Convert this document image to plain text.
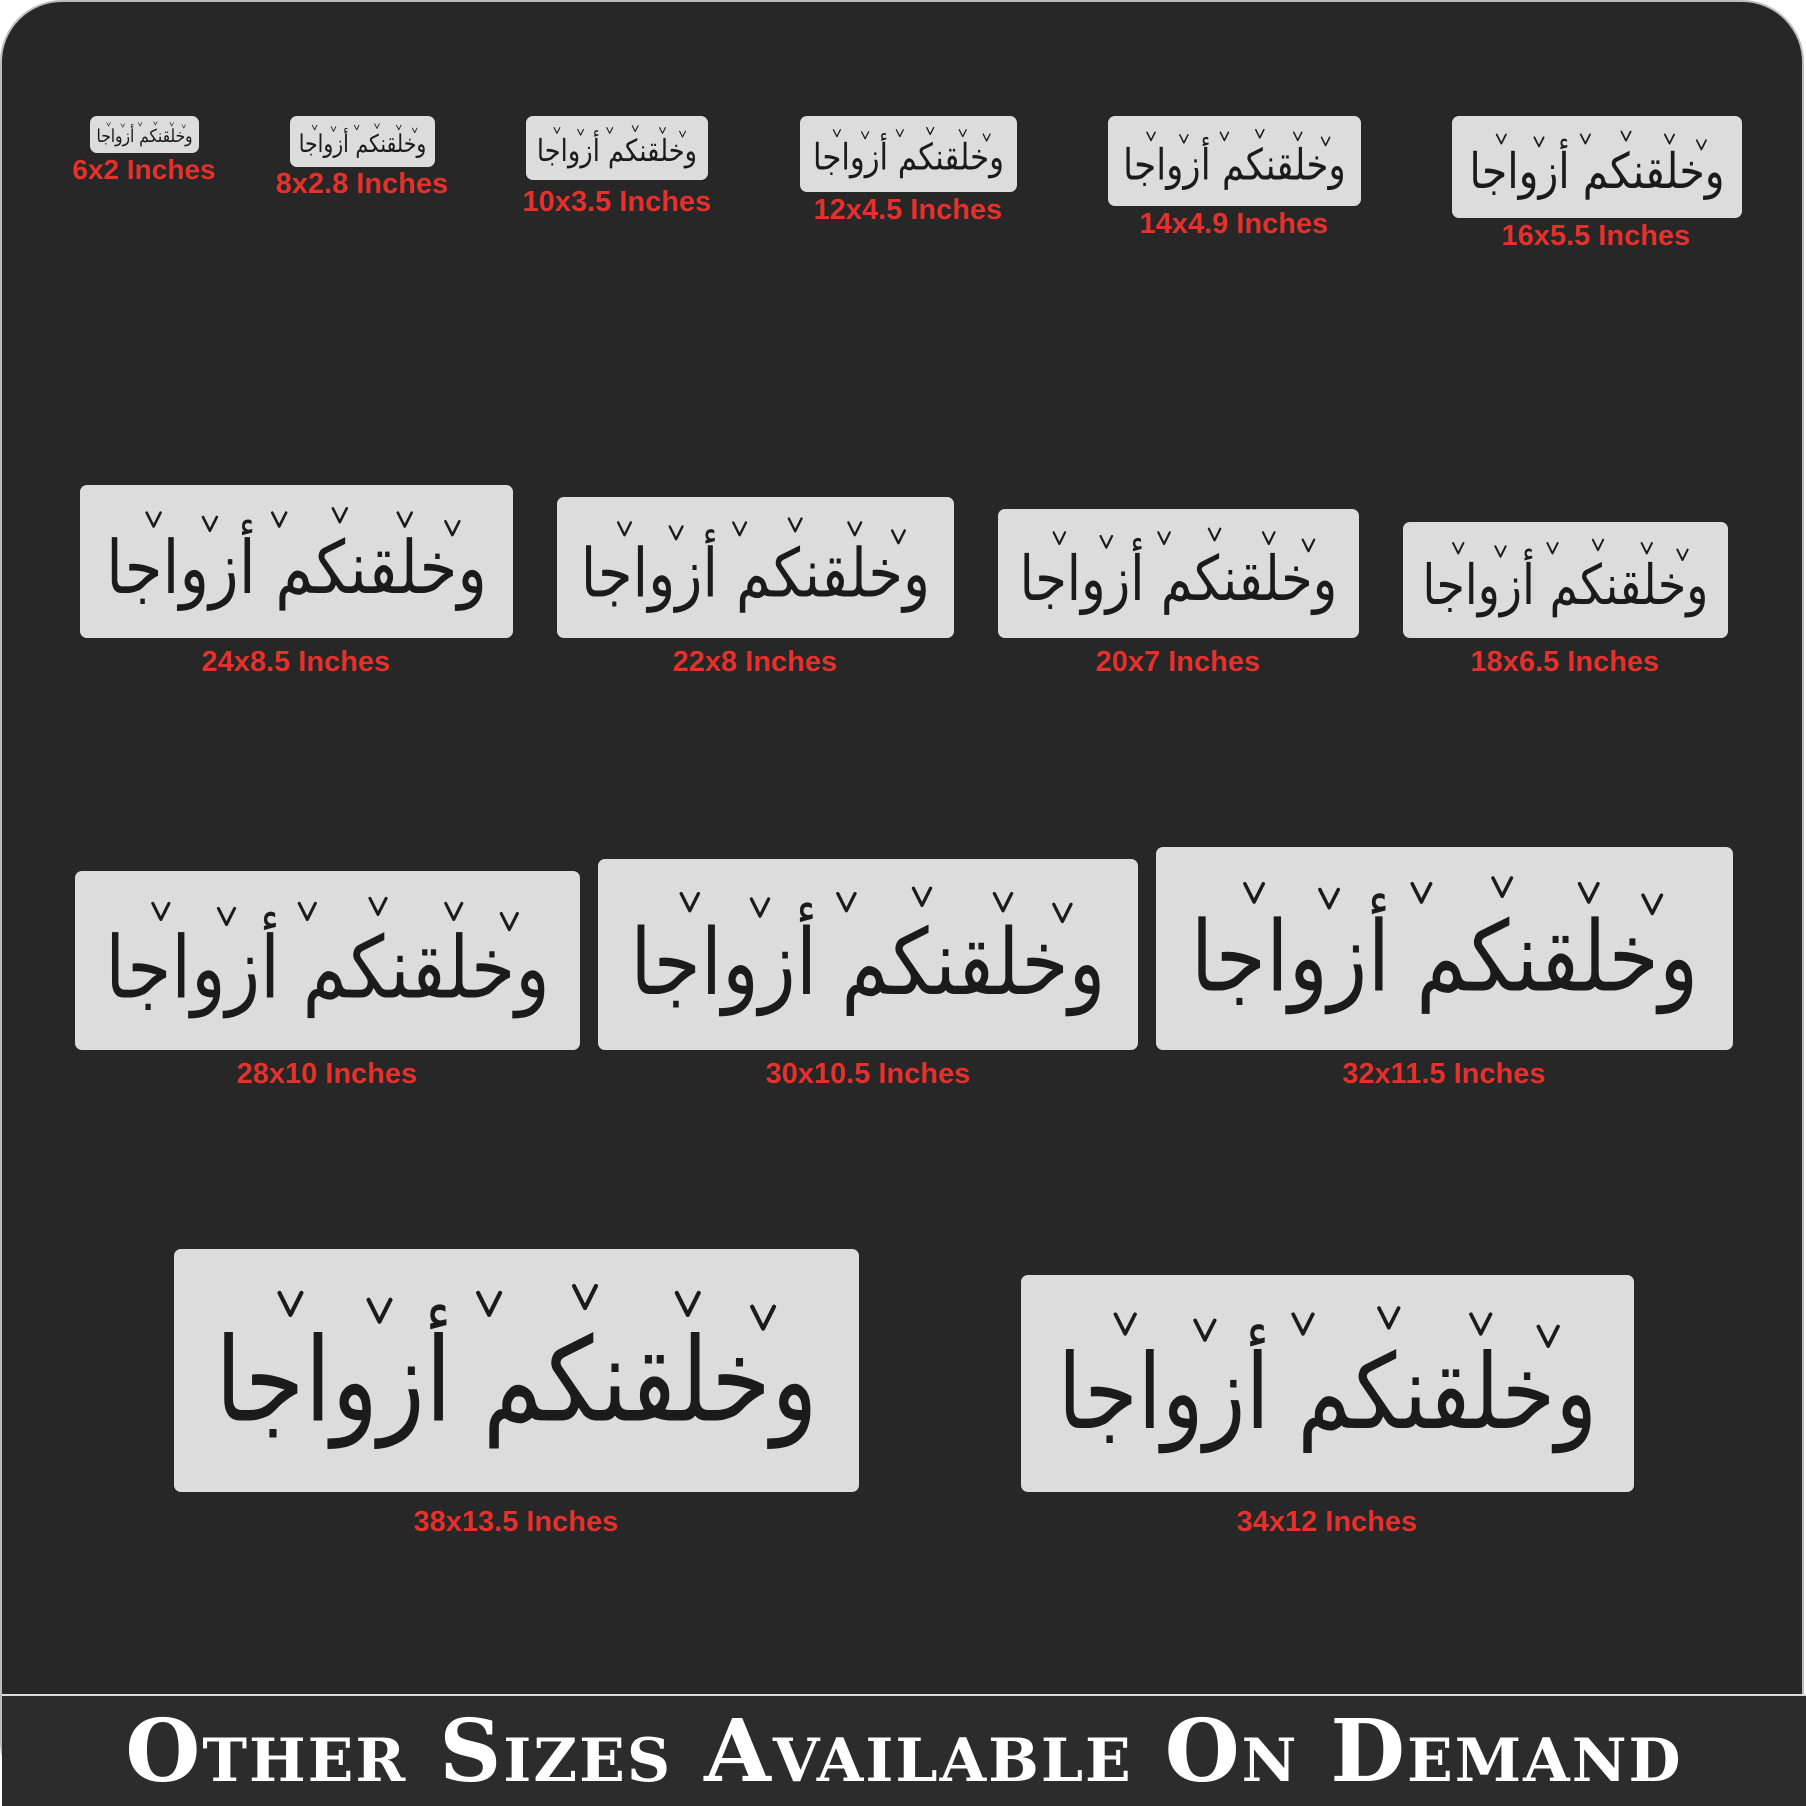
وخلقنكم أزواجا
6x2 Inches
وخلقنكم أزواجا
8x2.8 Inches
وخلقنكم أزواجا
10x3.5 Inches
وخلقنكم أزواجا
12x4.5 Inches
وخلقنكم أزواجا
14x4.9 Inches
وخلقنكم أزواجا
16x5.5 Inches
وخلقنكم أزواجا
24x8.5 Inches
وخلقنكم أزواجا
22x8 Inches
وخلقنكم أزواجا
20x7 Inches
وخلقنكم أزواجا
18x6.5 Inches
وخلقنكم أزواجا
28x10 Inches
وخلقنكم أزواجا
30x10.5 Inches
وخلقنكم أزواجا
32x11.5 Inches
وخلقنكم أزواجا
38x13.5 Inches
وخلقنكم أزواجا
34x12 Inches
Other Sizes Available On Demand
